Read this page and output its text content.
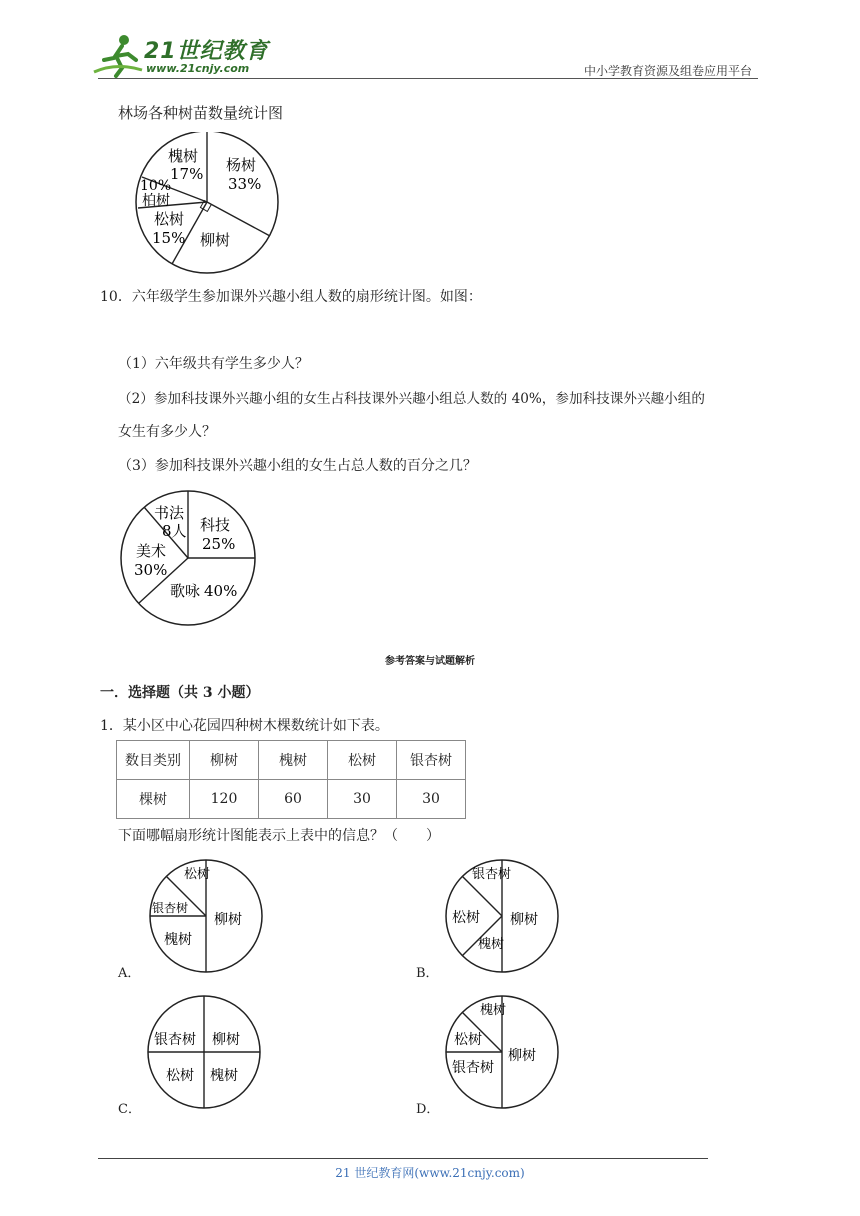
21世纪教育
www.21cnjy.com	中小学教育资源及组卷应用平台
林场各种树苗数量统计图
杨树
33%
柳树
松树
15%
10%
柏树
槐树
17%
10．六年级学生参加课外兴趣小组人数的扇形统计图。如图：
（1）六年级共有学生多少人？
（2）参加科技课外兴趣小组的女生占科技课外兴趣小组总人数的 40%，参加科技课外兴趣小组的
女生有多少人？
（3）参加科技课外兴趣小组的女生占总人数的百分之几？
科技
25%
歌咏 40%
美术
30%
书法
8人
参考答案与试题解析
一．选择题（共 3 小题）
1．某小区中心花园四种树木棵数统计如下表。
数目类别	柳树	槐树	松树	银杏树
棵树	120	60	30	30
下面哪幅扇形统计图能表示上表中的信息？（　　）
A．
松树
银杏树
槐树
柳树
B．
银杏树
松树
槐树
柳树
C．
银杏树 柳树
松树 槐树
D．
槐树
松树
银杏树
柳树
21 世纪教育网(www.21cnjy.com)
